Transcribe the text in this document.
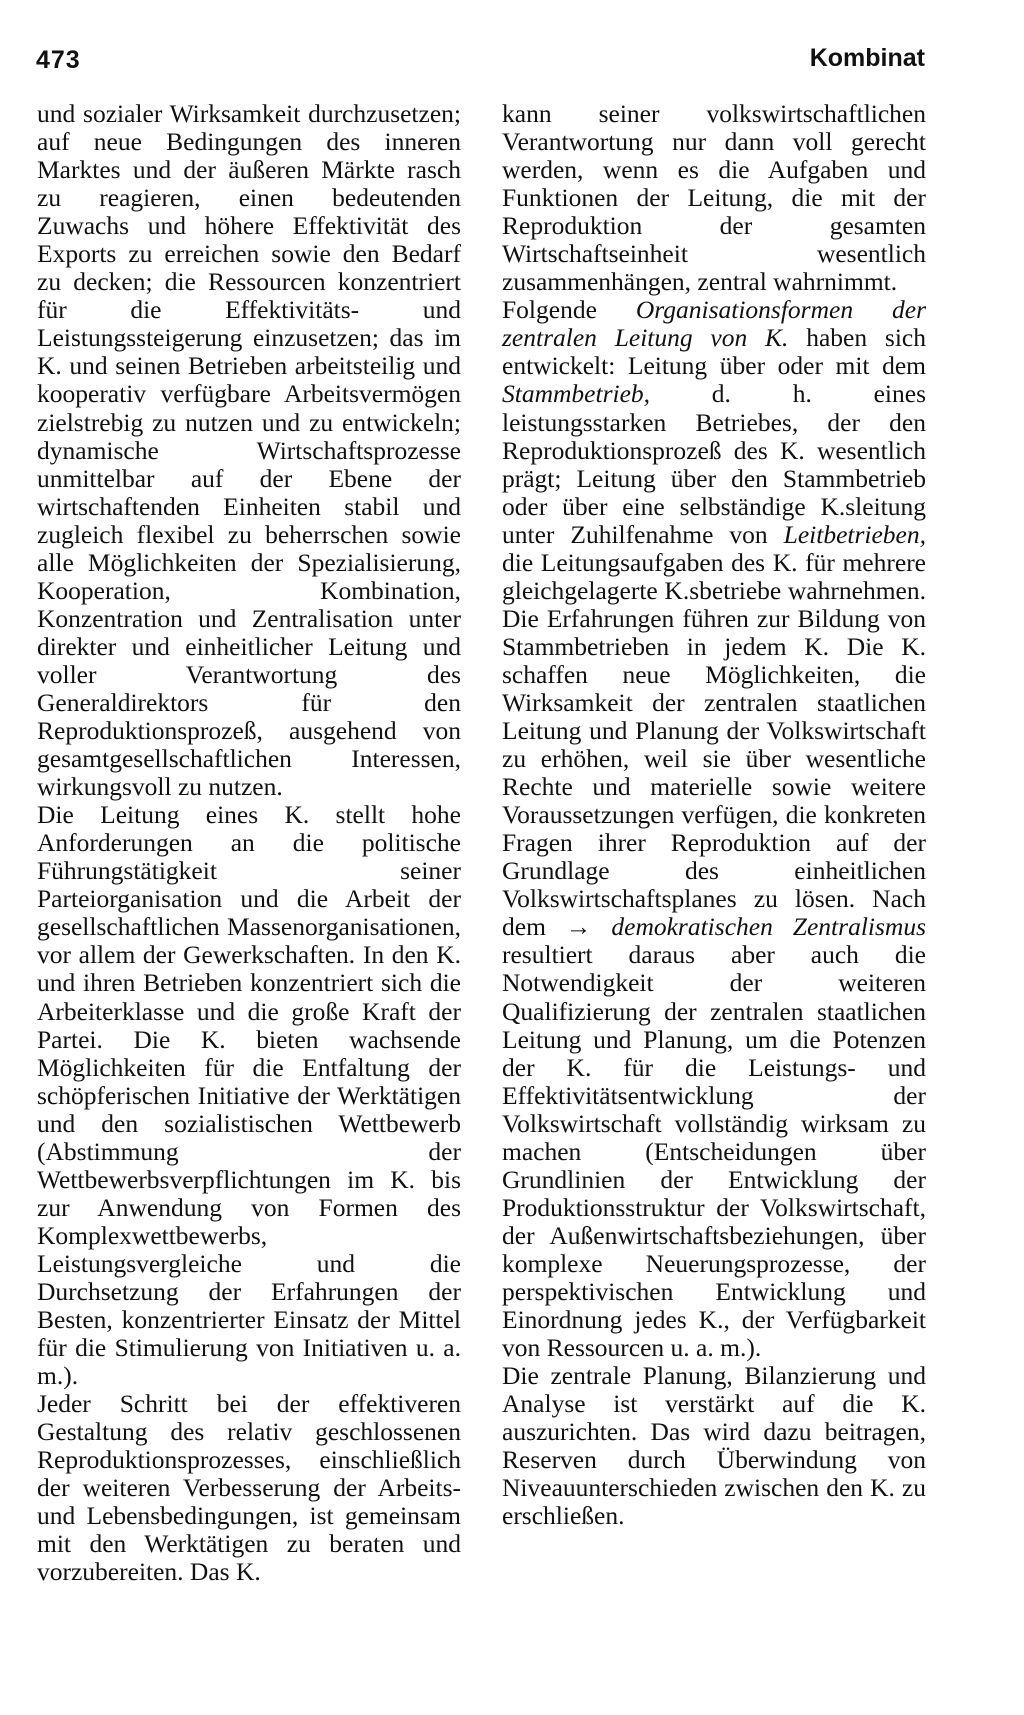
473	Kombinat

und sozialer Wirksamkeit durchzusetzen; auf neue Bedingungen des inneren Marktes und der äußeren Märkte rasch zu reagieren, einen bedeutenden Zuwachs und höhere Effektivität des Exports zu erreichen sowie den Bedarf zu decken; die Ressourcen konzentriert für die Effektivitäts- und Leistungssteigerung einzusetzen; das im K. und seinen Betrieben arbeitsteilig und kooperativ verfügbare Arbeitsvermögen zielstrebig zu nutzen und zu entwickeln; dynamische Wirtschaftsprozesse unmittelbar auf der Ebene der wirtschaftenden Einheiten stabil und zugleich flexibel zu beherrschen sowie alle Möglichkeiten der Spezialisierung, Kooperation, Kombination, Konzentration und Zentralisation unter direkter und einheitlicher Leitung und voller Verantwortung des Generaldirektors für den Reproduktionsprozeß, ausgehend von gesamtgesellschaftlichen Interessen, wirkungsvoll zu nutzen.

Die Leitung eines K. stellt hohe Anforderungen an die politische Führungstätigkeit seiner Parteiorganisation und die Arbeit der gesellschaftlichen Massenorganisationen, vor allem der Gewerkschaften. In den K. und ihren Betrieben konzentriert sich die Arbeiterklasse und die große Kraft der Partei. Die K. bieten wachsende Möglichkeiten für die Entfaltung der schöpferischen Initiative der Werktätigen und den sozialistischen Wettbewerb (Abstimmung der Wettbewerbsverpflichtungen im K. bis zur Anwendung von Formen des Komplexwettbewerbs, Leistungsvergleiche und die Durchsetzung der Erfahrungen der Besten, konzentrierter Einsatz der Mittel für die Stimulierung von Initiativen u. a. m.).

Jeder Schritt bei der effektiveren Gestaltung des relativ geschlossenen Reproduktionsprozesses, einschließlich der weiteren Verbesserung der Arbeits- und Lebensbedingungen, ist gemeinsam mit den Werktätigen zu beraten und vorzubereiten. Das K.

kann seiner volkswirtschaftlichen Verantwortung nur dann voll gerecht werden, wenn es die Aufgaben und Funktionen der Leitung, die mit der Reproduktion der gesamten Wirtschaftseinheit wesentlich zusammenhängen, zentral wahrnimmt.

Folgende Organisationsformen der zentralen Leitung von K. haben sich entwickelt: Leitung über oder mit dem Stammbetrieb, d. h. eines leistungsstarken Betriebes, der den Reproduktionsprozeß des K. wesentlich prägt; Leitung über den Stammbetrieb oder über eine selbständige K.sleitung unter Zuhilfenahme von Leitbetrieben, die Leitungsaufgaben des K. für mehrere gleichgelagerte K.sbetriebe wahrnehmen. Die Erfahrungen führen zur Bildung von Stammbetrieben in jedem K. Die K. schaffen neue Möglichkeiten, die Wirksamkeit der zentralen staatlichen Leitung und Planung der Volkswirtschaft zu erhöhen, weil sie über wesentliche Rechte und materielle sowie weitere Voraussetzungen verfügen, die konkreten Fragen ihrer Reproduktion auf der Grundlage des einheitlichen Volkswirtschaftsplanes zu lösen. Nach dem → demokratischen Zentralismus resultiert daraus aber auch die Notwendigkeit der weiteren Qualifizierung der zentralen staatlichen Leitung und Planung, um die Potenzen der K. für die Leistungs- und Effektivitätsentwicklung der Volkswirtschaft vollständig wirksam zu machen (Entscheidungen über Grundlinien der Entwicklung der Produktionsstruktur der Volkswirtschaft, der Außenwirtschaftsbeziehungen, über komplexe Neuerungsprozesse, der perspektivischen Entwicklung und Einordnung jedes K., der Verfügbarkeit von Ressourcen u. a. m.).

Die zentrale Planung, Bilanzierung und Analyse ist verstärkt auf die K. auszurichten. Das wird dazu beitragen, Reserven durch Überwindung von Niveauunterschieden zwischen den K. zu erschließen.
